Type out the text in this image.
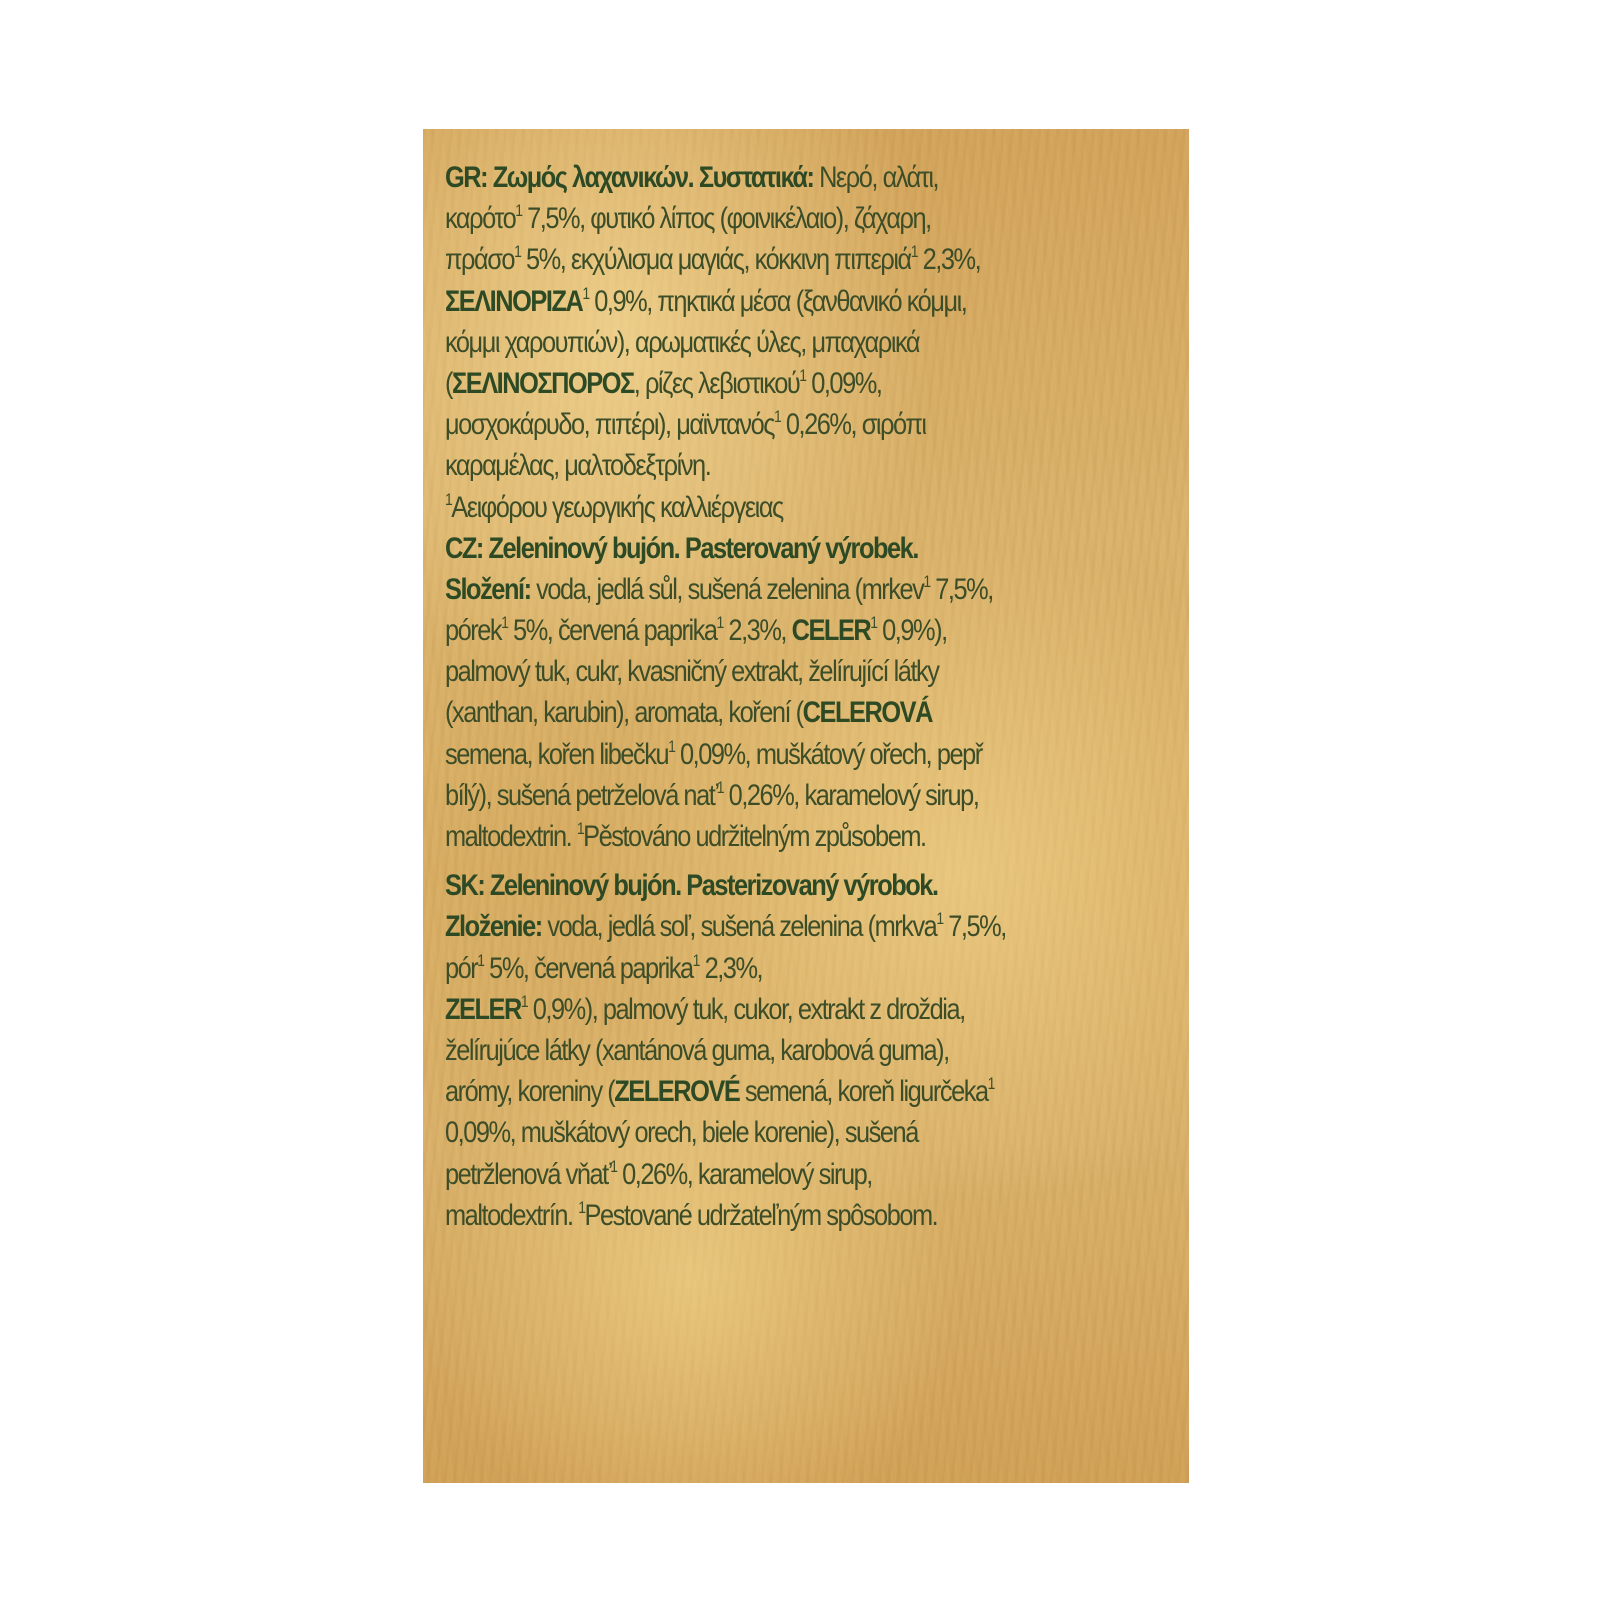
GR: Ζωμός λαχανικών. Συστατικά: Νερό, αλάτι,
καρότο$^1$ 7,5%, φυτικό λίπος (φοινικέλαιο), ζάχαρη,
πράσο$^1$ 5%, εκχύλισμα μαγιάς, κόκκινη πιπεριά$^1$ 2,3%,
ΣΕΛΙΝΟΡΙΖΑ$^1$ 0,9%, πηκτικά μέσα (ξανθανικό κόμμι,
κόμμι χαρουπιών), αρωματικές ύλες, μπαχαρικά
(ΣΕΛΙΝΟΣΠΟΡΟΣ, ρίζες λεβιστικού$^1$ 0,09%,
μοσχοκάρυδο, πιπέρι), μαϊντανός$^1$ 0,26%, σιρόπι
καραμέλας, μαλτοδεξτρίνη.
$^1$Αειφόρου γεωργικής καλλιέργειας
CZ: Zeleninový bujón. Pasterovaný výrobek.
Složení: voda, jedlá sůl, sušená zelenina (mrkev$^1$ 7,5%,
pórek$^1$ 5%, červená paprika$^1$ 2,3%, CELER$^1$ 0,9%),
palmový tuk, cukr, kvasničný extrakt, želírující látky
(xanthan, karubin), aromata, koření (CELEROVÁ
semena, kořen libečku$^1$ 0,09%, muškátový ořech, pepř
bílý), sušená petrželová nať$^1$ 0,26%, karamelový sirup,
maltodextrin. $^1$Pěstováno udržitelným způsobem.
SK: Zeleninový bujón. Pasterizovaný výrobok.
Zloženie: voda, jedlá soľ, sušená zelenina (mrkva$^1$ 7,5%,
pór$^1$ 5%, červená paprika$^1$ 2,3%,
ZELER$^1$ 0,9%), palmový tuk, cukor, extrakt z droždia,
želírujúce látky (xantánová guma, karobová guma),
arómy, koreniny (ZELEROVÉ semená, koreň ligurčeka$^1$
0,09%, muškátový orech, biele korenie), sušená
petržlenová vňať$^1$ 0,26%, karamelový sirup,
maltodextrín. $^1$Pestované udržateľným spôsobom.
